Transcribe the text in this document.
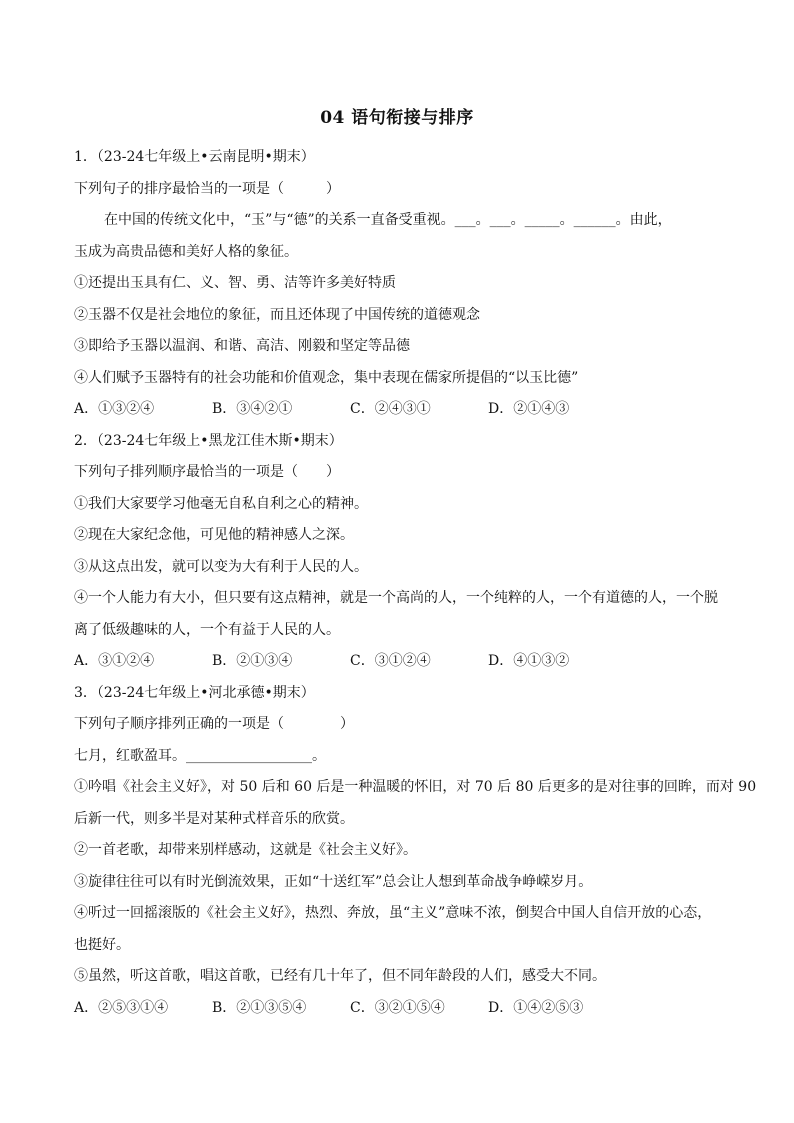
04 语句衔接与排序
1．（23-24七年级上•云南昆明•期末）
下列句子的排序最恰当的一项是（　　　）
在中国的传统文化中，“玉”与“德”的关系一直备受重视。___。___。_____。______。由此，
玉成为高贵品德和美好人格的象征。
①还提出玉具有仁、义、智、勇、洁等许多美好特质
②玉器不仅是社会地位的象征，而且还体现了中国传统的道德观念
③即给予玉器以温润、和谐、高洁、刚毅和坚定等品德
④人们赋予玉器特有的社会功能和价值观念，集中表现在儒家所提倡的“以玉比德”
A．①③②④	B．③④②①	C．②④③①	D．②①④③
2．（23-24七年级上•黑龙江佳木斯•期末）
下列句子排列顺序最恰当的一项是（　　）
①我们大家要学习他毫无自私自利之心的精神。
②现在大家纪念他，可见他的精神感人之深。
③从这点出发，就可以变为大有利于人民的人。
④一个人能力有大小，但只要有这点精神，就是一个高尚的人，一个纯粹的人，一个有道德的人，一个脱
离了低级趣味的人，一个有益于人民的人。
A．③①②④	B．②①③④	C．③①②④	D．④①③②
3．（23-24七年级上•河北承德•期末）
下列句子顺序排列正确的一项是（　　　　）
七月，红歌盈耳。__________________。
①吟唱《社会主义好》，对 50 后和 60 后是一种温暖的怀旧，对 70 后 80 后更多的是对往事的回眸，而对 90
后新一代，则多半是对某种式样音乐的欣赏。
②一首老歌，却带来别样感动，这就是《社会主义好》。
③旋律往往可以有时光倒流效果，正如“十送红军”总会让人想到革命战争峥嵘岁月。
④听过一回摇滚版的《社会主义好》，热烈、奔放，虽“主义”意味不浓，倒契合中国人自信开放的心态，
也挺好。
⑤虽然，听这首歌，唱这首歌，已经有几十年了，但不同年龄段的人们，感受大不同。
A．②⑤③①④	B．②①③⑤④	C．③②①⑤④	D．①④②⑤③
